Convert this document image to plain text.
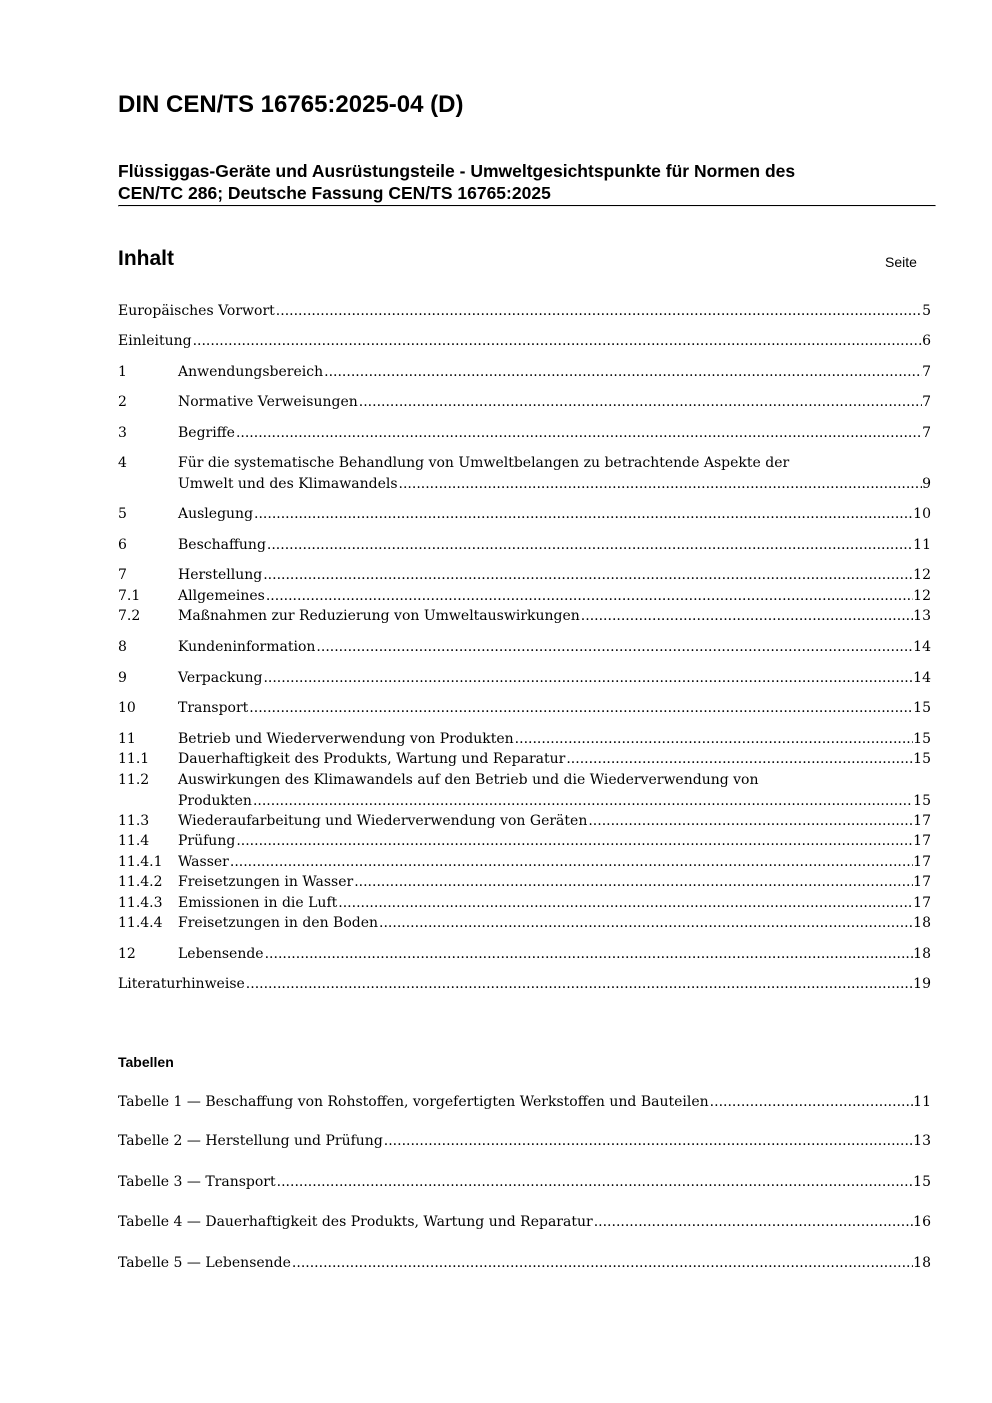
DIN CEN/TS 16765:2025-04 (D)
Flüssiggas-Geräte und Ausrüstungsteile - Umweltgesichtspunkte für Normen des
CEN/TC 286; Deutsche Fassung CEN/TS 16765:2025
Inhalt	Seite
Europäisches Vorwort .....	5
Einleitung .....	6
1	Anwendungsbereich .....	7
2	Normative Verweisungen .....	7
3	Begriffe .....	7
4	Für die systematische Behandlung von Umweltbelangen zu betrachtende Aspekte der
Umwelt und des Klimawandels .....	9
5	Auslegung .....	10
6	Beschaffung .....	11
7	Herstellung .....	12
7.1	Allgemeines .....	12
7.2	Maßnahmen zur Reduzierung von Umweltauswirkungen .....	13
8	Kundeninformation .....	14
9	Verpackung .....	14
10	Transport .....	15
11	Betrieb und Wiederverwendung von Produkten .....	15
11.1	Dauerhaftigkeit des Produkts, Wartung und Reparatur .....	15
11.2	Auswirkungen des Klimawandels auf den Betrieb und die Wiederverwendung von
Produkten .....	15
11.3	Wiederaufarbeitung und Wiederverwendung von Geräten .....	17
11.4	Prüfung .....	17
11.4.1	Wasser .....	17
11.4.2	Freisetzungen in Wasser .....	17
11.4.3	Emissionen in die Luft .....	17
11.4.4	Freisetzungen in den Boden .....	18
12	Lebensende .....	18
Literaturhinweise .....	19
Tabellen
Tabelle 1 — Beschaffung von Rohstoffen, vorgefertigten Werkstoffen und Bauteilen .....	11
Tabelle 2 — Herstellung und Prüfung .....	13
Tabelle 3 — Transport .....	15
Tabelle 4 — Dauerhaftigkeit des Produkts, Wartung und Reparatur .....	16
Tabelle 5 — Lebensende .....	18
